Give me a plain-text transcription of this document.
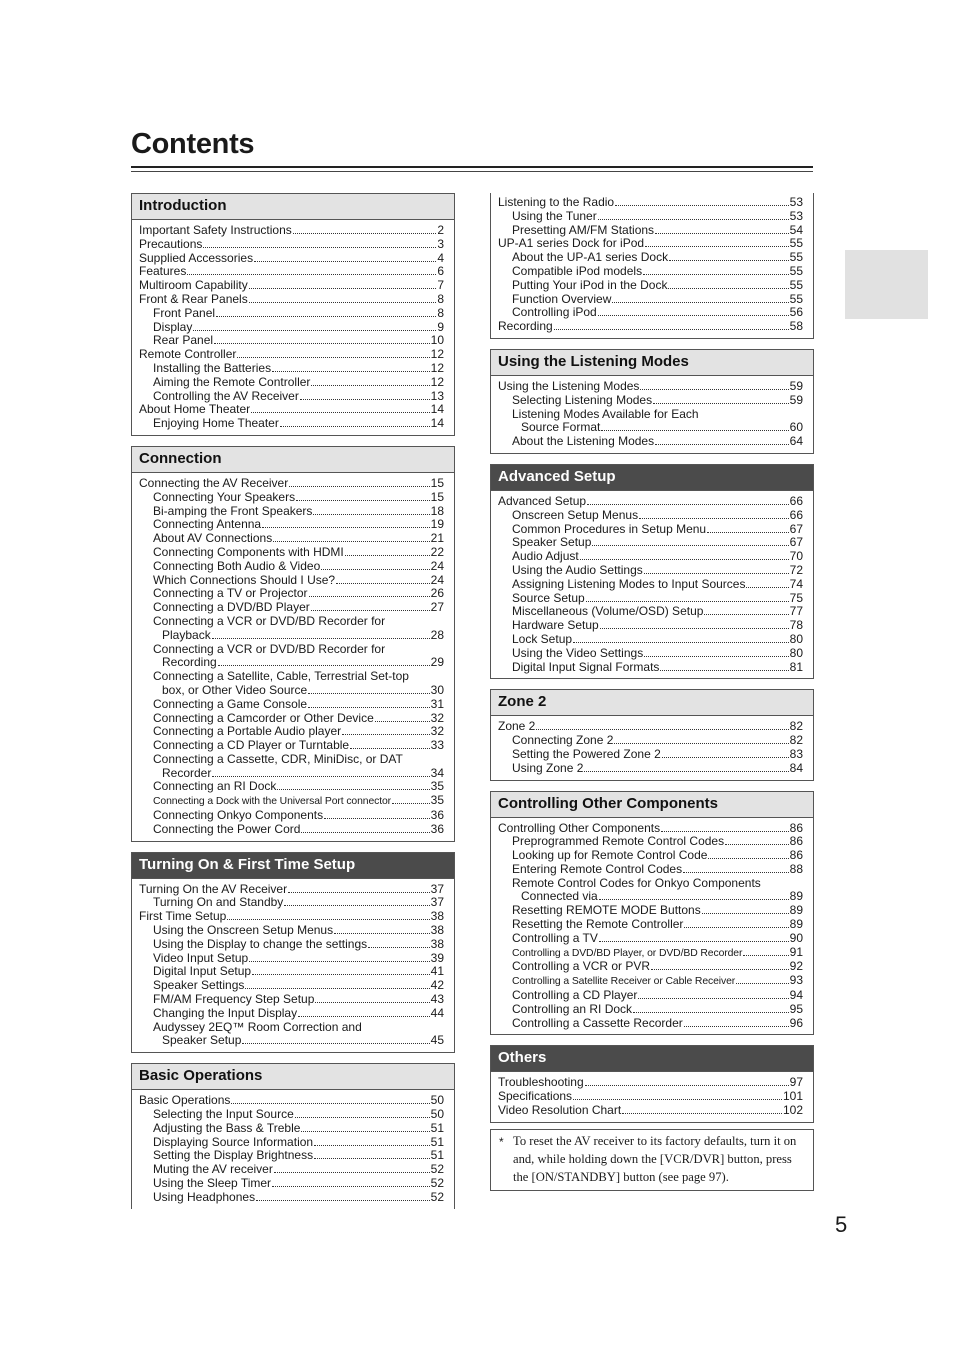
Contents
Introduction
Important Safety Instructions	2
Precautions	3
Supplied Accessories	4
Features	6
Multiroom Capability	7
Front & Rear Panels	8
Front Panel	8
Display	9
Rear Panel	10
Remote Controller	12
Installing the Batteries	12
Aiming the Remote Controller	12
Controlling the AV Receiver	13
About Home Theater	14
Enjoying Home Theater	14
Connection
Connecting the AV Receiver	15
Connecting Your Speakers	15
Bi-amping the Front Speakers	18
Connecting Antenna	19
About AV Connections	21
Connecting Components with HDMI	22
Connecting Both Audio & Video	24
Which Connections Should I Use?	24
Connecting a TV or Projector	26
Connecting a DVD/BD Player	27
Connecting a VCR or DVD/BD Recorder for
Playback	28
Connecting a VCR or DVD/BD Recorder for
Recording	29
Connecting a Satellite, Cable, Terrestrial Set-top
box, or Other Video Source	30
Connecting a Game Console	31
Connecting a Camcorder or Other Device	32
Connecting a Portable Audio player	32
Connecting a CD Player or Turntable	33
Connecting a Cassette, CDR, MiniDisc, or DAT
Recorder	34
Connecting an RI Dock	35
Connecting a Dock with the Universal Port connector	35
Connecting Onkyo Components	36
Connecting the Power Cord	36
Turning On & First Time Setup
Turning On the AV Receiver	37
Turning On and Standby	37
First Time Setup	38
Using the Onscreen Setup Menus	38
Using the Display to change the settings	38
Video Input Setup	39
Digital Input Setup	41
Speaker Settings	42
FM/AM Frequency Step Setup	43
Changing the Input Display	44
Audyssey 2EQ™ Room Correction and
Speaker Setup	45
Basic Operations
Basic Operations	50
Selecting the Input Source	50
Adjusting the Bass & Treble	51
Displaying Source Information	51
Setting the Display Brightness	51
Muting the AV receiver	52
Using the Sleep Timer	52
Using Headphones	52
Listening to the Radio	53
Using the Tuner	53
Presetting AM/FM Stations	54
UP-A1 series Dock for iPod	55
About the UP-A1 series Dock	55
Compatible iPod models	55
Putting Your iPod in the Dock	55
Function Overview	55
Controlling iPod	56
Recording	58
Using the Listening Modes
Using the Listening Modes	59
Selecting Listening Modes	59
Listening Modes Available for Each
Source Format	60
About the Listening Modes	64
Advanced Setup
Advanced Setup	66
Onscreen Setup Menus	66
Common Procedures in Setup Menu	67
Speaker Setup	67
Audio Adjust	70
Using the Audio Settings	72
Assigning Listening Modes to Input Sources	74
Source Setup	75
Miscellaneous (Volume/OSD) Setup	77
Hardware Setup	78
Lock Setup	80
Using the Video Settings	80
Digital Input Signal Formats	81
Zone 2
Zone 2	82
Connecting Zone 2	82
Setting the Powered Zone 2	83
Using Zone 2	84
Controlling Other Components
Controlling Other Components	86
Preprogrammed Remote Control Codes	86
Looking up for Remote Control Code	86
Entering Remote Control Codes	88
Remote Control Codes for Onkyo Components
Connected via	89
Resetting REMOTE MODE Buttons	89
Resetting the Remote Controller	89
Controlling a TV	90
Controlling a DVD/BD Player, or DVD/BD Recorder	91
Controlling a VCR or PVR	92
Controlling a Satellite Receiver or Cable Receiver	93
Controlling a CD Player	94
Controlling an RI Dock	95
Controlling a Cassette Recorder	96
Others
Troubleshooting	97
Specifications	101
Video Resolution Chart	102
* To reset the AV receiver to its factory defaults, turn it on and, while holding down the [VCR/DVR] button, press the [ON/STANDBY] button (see page 97).
5
